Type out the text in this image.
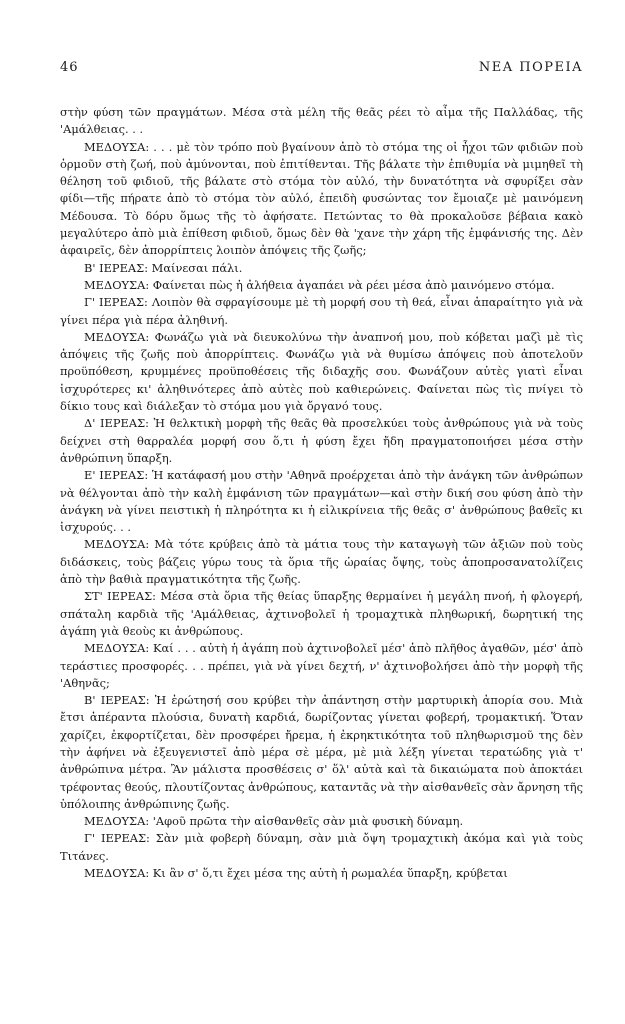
46	ΝΕΑ ΠΟΡΕΙΑ

στὴν φύση τῶν πραγμάτων. Μέσα στὰ μέλη τῆς θεᾶς ρέει τὸ αἷμα τῆς Παλλάδας, τῆς 'Αμάλθειας. . .

ΜΕΔΟΥΣΑ: . . . μὲ τὸν τρόπο ποὺ βγαίνουν ἀπὸ τὸ στόμα της οἱ ἦχοι τῶν φιδιῶν ποὺ ὁρμοῦν στὴ ζωή, ποὺ ἀμύνονται, ποὺ ἐπιτίθενται. Τῆς βάλατε τὴν ἐπιθυμία νὰ μιμηθεῖ τὴ θέληση τοῦ φιδιοῦ, τῆς βάλατε στὸ στόμα τὸν αὐλό, τὴν δυνατότητα νὰ σφυρίξει σὰν φίδι—τῆς πήρατε ἀπὸ τὸ στόμα τὸν αὐλό, ἐπειδὴ φυσώντας τον ἔμοιαζε μὲ μαινόμενη Μέδουσα. Τὸ δόρυ ὅμως τῆς τὸ ἀφήσατε. Πετώντας το θὰ προκαλοῦσε βέβαια κακὸ μεγαλύτερο ἀπὸ μιὰ ἐπίθεση φιδιοῦ, ὅμως δὲν θὰ 'χανε τὴν χάρη τῆς ἐμφάνισής της. Δὲν ἀφαιρεῖς, δὲν ἀπορρίπτεις λοιπὸν ἀπόψεις τῆς ζωῆς;

Β' ΙΕΡΕΑΣ: Μαίνεσαι πάλι.

ΜΕΔΟΥΣΑ: Φαίνεται πὼς ἡ ἀλήθεια ἀγαπάει νὰ ρέει μέσα ἀπὸ μαινόμενο στόμα.

Γ' ΙΕΡΕΑΣ: Λοιπὸν θὰ σφραγίσουμε μὲ τὴ μορφή σου τὴ θεά, εἶναι ἀπαραίτητο γιὰ νὰ γίνει πέρα γιὰ πέρα ἀληθινή.

ΜΕΔΟΥΣΑ: Φωνάζω γιὰ νὰ διευκολύνω τὴν ἀναπνοή μου, ποὺ κόβεται μαζὶ μὲ τὶς ἀπόψεις τῆς ζωῆς ποὺ ἀπορρίπτεις. Φωνάζω γιὰ νὰ θυμίσω ἀπόψεις ποὺ ἀποτελοῦν προϋπόθεση, κρυμμένες προϋποθέσεις τῆς διδαχῆς σου. Φωνάζουν αὐτὲς γιατὶ εἶναι ἰσχυρότερες κι' ἀληθινότερες ἀπὸ αὐτὲς ποὺ καθιερώνεις. Φαίνεται πὼς τὶς πνίγει τὸ δίκιο τους καὶ διάλεξαν τὸ στόμα μου γιὰ ὄργανό τους.

Δ' ΙΕΡΕΑΣ: Ἡ θελκτικὴ μορφὴ τῆς θεᾶς θὰ προσελκύει τοὺς ἀνθρώπους γιὰ νὰ τοὺς δείχνει στὴ θαρραλέα μορφή σου ὅ,τι ἡ φύση ἔχει ἤδη πραγματοποιήσει μέσα στὴν ἀνθρώπινη ὕπαρξη.

Ε' ΙΕΡΕΑΣ: Ἡ κατάφασή μου στὴν 'Αθηνᾶ προέρχεται ἀπὸ τὴν ἀνάγκη τῶν ἀνθρώπων νὰ θέλγονται ἀπὸ τὴν καλὴ ἐμφάνιση τῶν πραγμάτων—καὶ στὴν δική σου φύση ἀπὸ τὴν ἀνάγκη νὰ γίνει πειστικὴ ἡ πληρότητα κι ἡ εἰλικρίνεια τῆς θεᾶς σ' ἀνθρώπους βαθεῖς κι ἰσχυρούς. . .

ΜΕΔΟΥΣΑ: Μὰ τότε κρύβεις ἀπὸ τὰ μάτια τους τὴν καταγωγὴ τῶν ἀξιῶν ποὺ τοὺς διδάσκεις, τοὺς βάζεις γύρω τους τὰ ὅρια τῆς ὡραίας ὄψης, τοὺς ἀποπροσανατολίζεις ἀπὸ τὴν βαθιὰ πραγματικότητα τῆς ζωῆς.

ΣΤ' ΙΕΡΕΑΣ: Μέσα στὰ ὅρια τῆς θείας ὕπαρξης θερμαίνει ἡ μεγάλη πνοή, ἡ φλογερή, σπάταλη καρδιὰ τῆς 'Αμάλθειας, ἀχτινοβολεῖ ἡ τρομαχτικὰ πληθωρική, δωρητική της ἀγάπη γιὰ θεοὺς κι ἀνθρώπους.

ΜΕΔΟΥΣΑ: Καί . . . αὐτὴ ἡ ἀγάπη ποὺ ἀχτινοβολεῖ μέσ' ἀπὸ πλῆθος ἀγαθῶν, μέσ' ἀπὸ τεράστιες προσφορές. . . πρέπει, γιὰ νὰ γίνει δεχτή, ν' ἀχτινοβολήσει ἀπὸ τὴν μορφὴ τῆς 'Αθηνᾶς;

Β' ΙΕΡΕΑΣ: Ἡ ἐρώτησή σου κρύβει τὴν ἀπάντηση στὴν μαρτυρικὴ ἀπορία σου. Μιὰ ἔτσι ἀπέραντα πλούσια, δυνατὴ καρδιά, δωρίζοντας γίνεται φοβερή, τρομακτική. Ὅταν χαρίζει, ἐκφορτίζεται, δὲν προσφέρει ἤρεμα, ἡ ἐκρηκτικότητα τοῦ πληθωρισμοῦ της δὲν τὴν ἀφήνει νὰ ἐξευγενιστεῖ ἀπὸ μέρα σὲ μέρα, μὲ μιὰ λέξη γίνεται τερατώδης γιὰ τ' ἀνθρώπινα μέτρα. Ἂν μάλιστα προσθέσεις σ' ὅλ' αὐτὰ καὶ τὰ δικαιώματα ποὺ ἀποκτάει τρέφοντας θεούς, πλουτίζοντας ἀνθρώπους, καταντᾶς νὰ τὴν αἰσθανθεῖς σὰν ἄρνηση τῆς ὑπόλοιπης ἀνθρώπινης ζωῆς.

ΜΕΔΟΥΣΑ: 'Αφοῦ πρῶτα τὴν αἰσθανθεῖς σὰν μιὰ φυσικὴ δύναμη.

Γ' ΙΕΡΕΑΣ: Σὰν μιὰ φοβερὴ δύναμη, σὰν μιὰ ὄψη τρομαχτικὴ ἀκόμα καὶ γιὰ τοὺς Τιτάνες.

ΜΕΔΟΥΣΑ: Κι ἂν σ' ὅ,τι ἔχει μέσα της αὐτὴ ἡ ρωμαλέα ὕπαρξη, κρύβεται
